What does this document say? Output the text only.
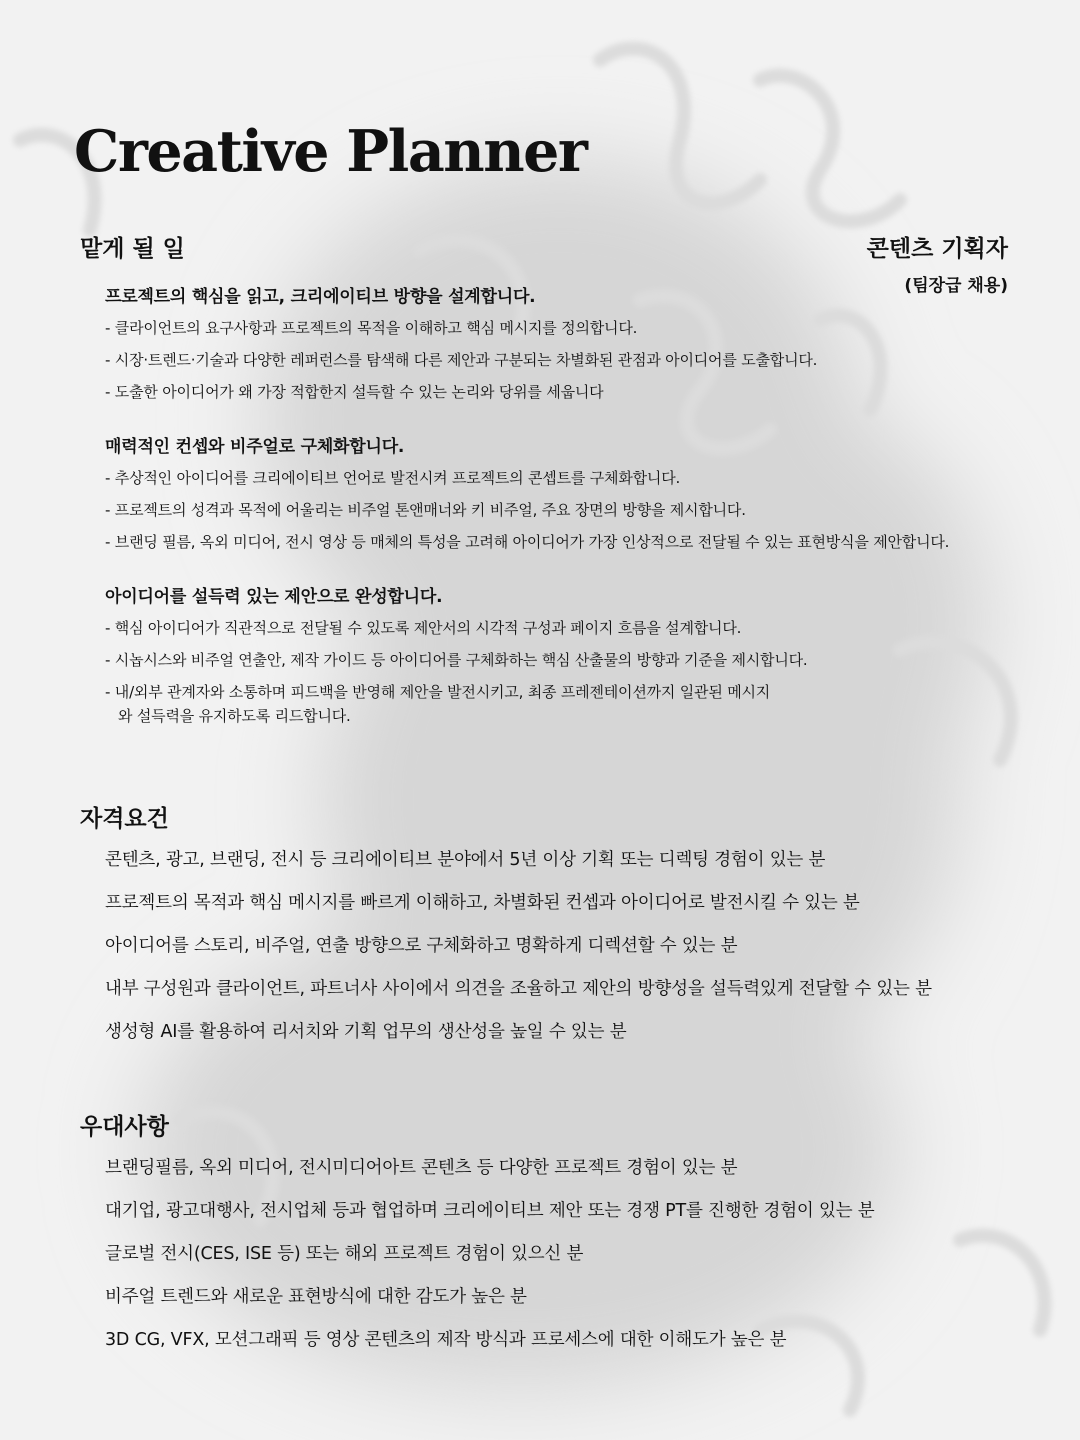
Creative Planner
콘텐츠 기획자
(팀장급 채용)
맡게 될 일
프로젝트의 핵심을 읽고, 크리에이티브 방향을 설계합니다.
- 클라이언트의 요구사항과 프로젝트의 목적을 이해하고 핵심 메시지를 정의합니다.
- 시장·트렌드·기술과 다양한 레퍼런스를 탐색해 다른 제안과 구분되는 차별화된 관점과 아이디어를 도출합니다.
- 도출한 아이디어가 왜 가장 적합한지 설득할 수 있는 논리와 당위를 세웁니다
매력적인 컨셉와 비주얼로 구체화합니다.
- 추상적인 아이디어를 크리에이티브 언어로 발전시켜 프로젝트의 콘셉트를 구체화합니다.
- 프로젝트의 성격과 목적에 어울리는 비주얼 톤앤매너와 키 비주얼, 주요 장면의 방향을 제시합니다.
- 브랜딩 필름, 옥외 미디어, 전시 영상 등 매체의 특성을 고려해 아이디어가 가장 인상적으로 전달될 수 있는 표현방식을 제안합니다.
아이디어를 설득력 있는 제안으로 완성합니다.
- 핵심 아이디어가 직관적으로 전달될 수 있도록 제안서의 시각적 구성과 페이지 흐름을 설계합니다.
- 시놉시스와 비주얼 연출안, 제작 가이드 등 아이디어를 구체화하는 핵심 산출물의 방향과 기준을 제시합니다.
- 내/외부 관계자와 소통하며 피드백을 반영해 제안을 발전시키고, 최종 프레젠테이션까지 일관된 메시지와 설득력을 유지하도록 리드합니다.
자격요건
콘텐츠, 광고, 브랜딩, 전시 등 크리에이티브 분야에서 5년 이상 기획 또는 디렉팅 경험이 있는 분
프로젝트의 목적과 핵심 메시지를 빠르게 이해하고, 차별화된 컨셉과 아이디어로 발전시킬 수 있는 분
아이디어를 스토리, 비주얼, 연출 방향으로 구체화하고 명확하게 디렉션할 수 있는 분
내부 구성원과 클라이언트, 파트너사 사이에서 의견을 조율하고 제안의 방향성을 설득력있게 전달할 수 있는 분
생성형 AI를 활용하여 리서치와 기획 업무의 생산성을 높일 수 있는 분
우대사항
브랜딩필름, 옥외 미디어, 전시미디어아트 콘텐츠 등 다양한 프로젝트 경험이 있는 분
대기업, 광고대행사, 전시업체 등과 협업하며 크리에이티브 제안 또는 경쟁 PT를 진행한 경험이 있는 분
글로벌 전시(CES, ISE 등) 또는 해외 프로젝트 경험이 있으신 분
비주얼 트렌드와 새로운 표현방식에 대한 감도가 높은 분
3D CG, VFX, 모션그래픽 등 영상 콘텐츠의 제작 방식과 프로세스에 대한 이해도가 높은 분
